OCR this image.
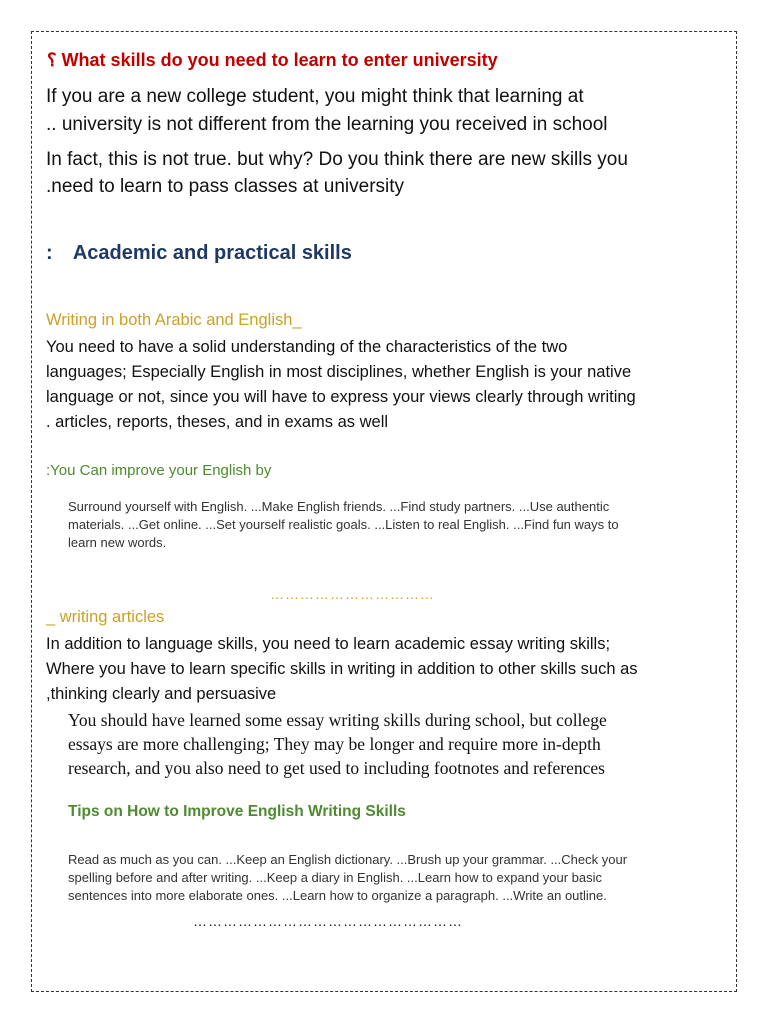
؟ What skills do you need to learn to enter university

If you are a new college student, you might think that learning at

.. university is not different from the learning you received in school

In fact, this is not true. but why? Do you think there are new skills you

.need to learn to pass classes at university

: Academic and practical skills

Writing in both Arabic and English_

You need to have a solid understanding of the characteristics of the two

languages; Especially English in most disciplines, whether English is your native

language or not, since you will have to express your views clearly through writing

. articles, reports, theses, and in exams as well

:You Can improve your English by

Surround yourself with English. ...Make English friends. ...Find study partners. ...Use authentic

materials. ...Get online. ...Set yourself realistic goals. ...Listen to real English. ...Find fun ways to

learn new words.

……………………………

_ writing articles

In addition to language skills, you need to learn academic essay writing skills;

Where you have to learn specific skills in writing in addition to other skills such as

,thinking clearly and persuasive

You should have learned some essay writing skills during school, but college

essays are more challenging; They may be longer and require more in-depth

research, and you also need to get used to including footnotes and references

Tips on How to Improve English Writing Skills

Read as much as you can. ...Keep an English dictionary. ...Brush up your grammar. ...Check your

spelling before and after writing. ...Keep a diary in English. ...Learn how to expand your basic

sentences into more elaborate ones. ...Learn how to organize a paragraph. ...Write an outline.

………………………………………………
